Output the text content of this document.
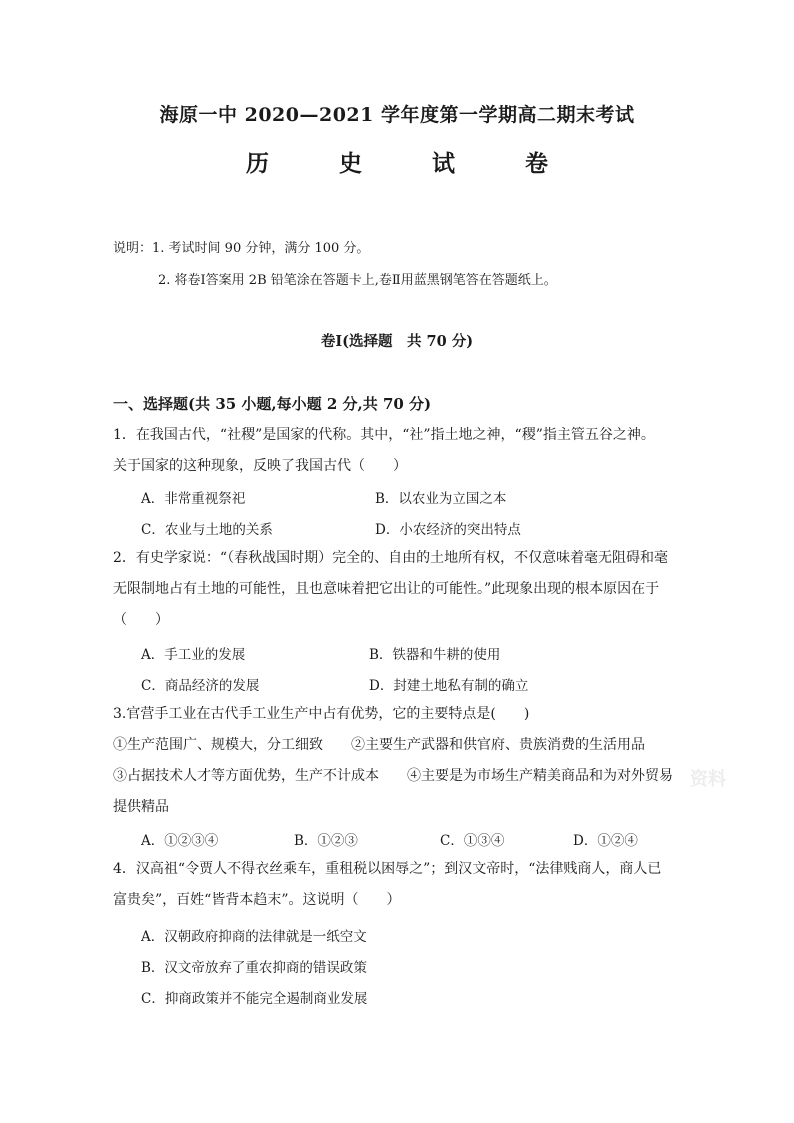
海原一中 2020—2021 学年度第一学期高二期末考试
历	史	试	卷
说明：1. 考试时间 90 分钟，满分 100 分。
2. 将卷Ⅰ答案用 2B 铅笔涂在答题卡上,卷Ⅱ用蓝黑钢笔答在答题纸上。
卷Ⅰ(选择题　共 70 分)
一、选择题(共 35 小题,每小题 2 分,共 70 分)
1．在我国古代，“社稷”是国家的代称。其中，“社”指土地之神，“稷”指主管五谷之神。
关于国家的这种现象，反映了我国古代（　　）
A．非常重视祭祀	B．以农业为立国之本
C．农业与土地的关系	D．小农经济的突出特点
2．有史学家说：“（春秋战国时期）完全的、自由的土地所有权，不仅意味着毫无阻碍和毫
无限制地占有土地的可能性，且也意味着把它出让的可能性。”此现象出现的根本原因在于
（　　）
A．手工业的发展	B．铁器和牛耕的使用
C．商品经济的发展	D．封建土地私有制的确立
3.官营手工业在古代手工业生产中占有优势，它的主要特点是(　　)
①生产范围广、规模大，分工细致　　②主要生产武器和供官府、贵族消费的生活用品
③占据技术人才等方面优势，生产不计成本　　④主要是为市场生产精美商品和为对外贸易
提供精品
A．①②③④	B．①②③	C．①③④	D．①②④
4．汉高祖“令贾人不得衣丝乘车，重租税以困辱之”；到汉文帝时，“法律贱商人，商人已
富贵矣”，百姓“皆背本趋末”。这说明（　　）
A．汉朝政府抑商的法律就是一纸空文
B．汉文帝放弃了重农抑商的错误政策
C．抑商政策并不能完全遏制商业发展
资料
